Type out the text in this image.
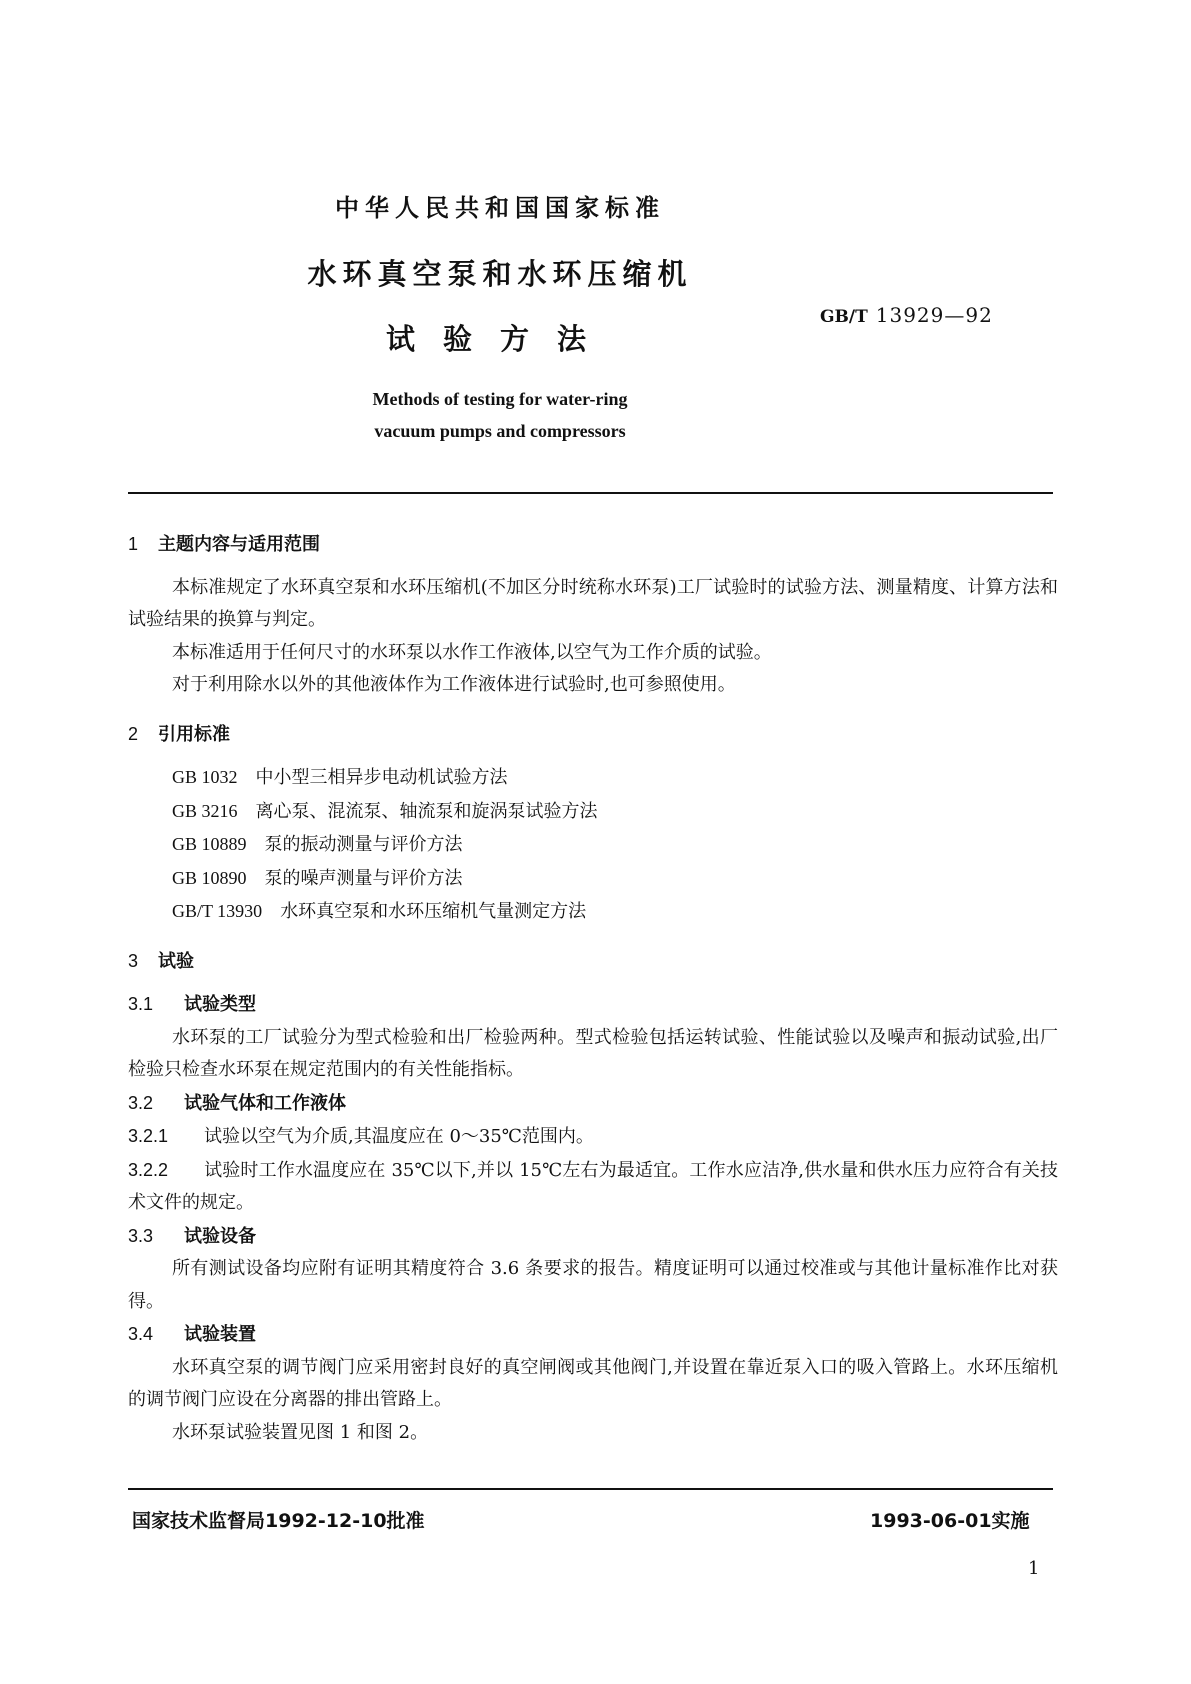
中华人民共和国国家标准
水环真空泵和水环压缩机
试验方法
GB/T 13929—92
Methods of testing for water-ring
vacuum pumps and compressors

1 主题内容与适用范围

本标准规定了水环真空泵和水环压缩机(不加区分时统称水环泵)工厂试验时的试验方法、测量精度、计算方法和试验结果的换算与判定。

本标准适用于任何尺寸的水环泵以水作工作液体,以空气为工作介质的试验。

对于利用除水以外的其他液体作为工作液体进行试验时,也可参照使用。

2 引用标准

GB 1032 中小型三相异步电动机试验方法

GB 3216 离心泵、混流泵、轴流泵和旋涡泵试验方法

GB 10889 泵的振动测量与评价方法

GB 10890 泵的噪声测量与评价方法

GB/T 13930 水环真空泵和水环压缩机气量测定方法

3 试验

3.1 试验类型

水环泵的工厂试验分为型式检验和出厂检验两种。型式检验包括运转试验、性能试验以及噪声和振动试验,出厂检验只检查水环泵在规定范围内的有关性能指标。

3.2 试验气体和工作液体

3.2.1 试验以空气为介质,其温度应在 0～35℃范围内。

3.2.2 试验时工作水温度应在 35℃以下,并以 15℃左右为最适宜。工作水应洁净,供水量和供水压力应符合有关技术文件的规定。

3.3 试验设备

所有测试设备均应附有证明其精度符合 3.6 条要求的报告。精度证明可以通过校准或与其他计量标准作比对获得。

3.4 试验装置

水环真空泵的调节阀门应采用密封良好的真空闸阀或其他阀门,并设置在靠近泵入口的吸入管路上。水环压缩机的调节阀门应设在分离器的排出管路上。

水环泵试验装置见图 1 和图 2。

国家技术监督局1992-12-10批准	1993-06-01实施
1
